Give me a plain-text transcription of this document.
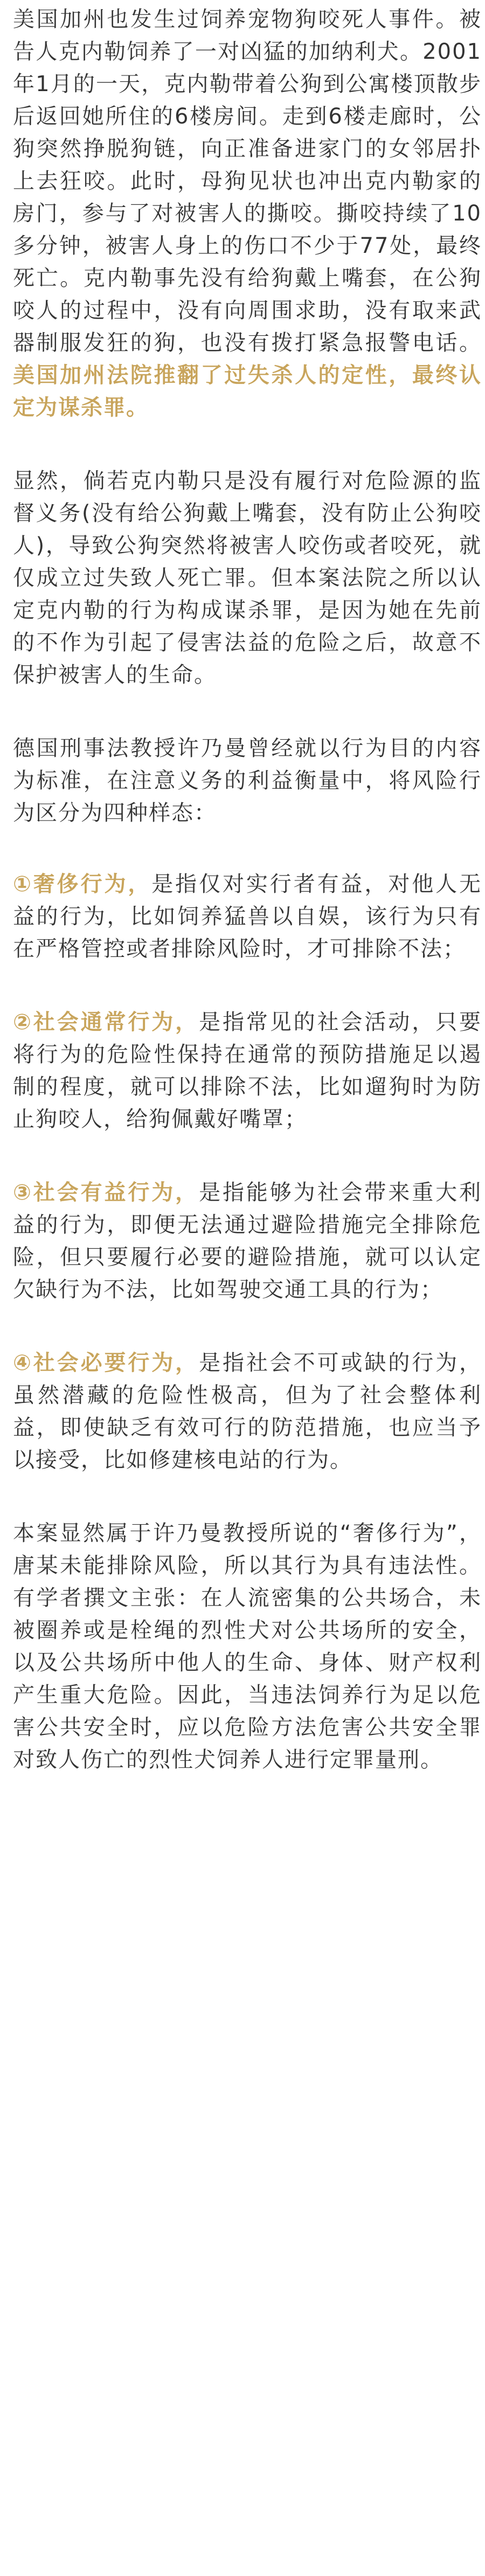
美国加州也发生过饲养宠物狗咬死人事件。被告人克内勒饲养了一对凶猛的加纳利犬。2001年1月的一天，克内勒带着公狗到公寓楼顶散步后返回她所住的6楼房间。走到6楼走廊时，公狗突然挣脱狗链，向正准备进家门的女邻居扑上去狂咬。此时，母狗见状也冲出克内勒家的房门，参与了对被害人的撕咬。撕咬持续了10多分钟，被害人身上的伤口不少于77处，最终死亡。克内勒事先没有给狗戴上嘴套，在公狗咬人的过程中，没有向周围求助，没有取来武器制服发狂的狗，也没有拨打紧急报警电话。美国加州法院推翻了过失杀人的定性，最终认定为谋杀罪。

显然，倘若克内勒只是没有履行对危险源的监督义务(没有给公狗戴上嘴套，没有防止公狗咬人)，导致公狗突然将被害人咬伤或者咬死，就仅成立过失致人死亡罪。但本案法院之所以认定克内勒的行为构成谋杀罪，是因为她在先前的不作为引起了侵害法益的危险之后，故意不保护被害人的生命。

德国刑事法教授许乃曼曾经就以行为目的内容为标准，在注意义务的利益衡量中，将风险行为区分为四种样态：

①奢侈行为，是指仅对实行者有益，对他人无益的行为，比如饲养猛兽以自娱，该行为只有在严格管控或者排除风险时，才可排除不法；

②社会通常行为，是指常见的社会活动，只要将行为的危险性保持在通常的预防措施足以遏制的程度，就可以排除不法，比如遛狗时为防止狗咬人，给狗佩戴好嘴罩；

③社会有益行为，是指能够为社会带来重大利益的行为，即便无法通过避险措施完全排除危险，但只要履行必要的避险措施，就可以认定欠缺行为不法，比如驾驶交通工具的行为；

④社会必要行为，是指社会不可或缺的行为，虽然潜藏的危险性极高，但为了社会整体利益，即使缺乏有效可行的防范措施，也应当予以接受，比如修建核电站的行为。

本案显然属于许乃曼教授所说的“奢侈行为”，唐某未能排除风险，所以其行为具有违法性。有学者撰文主张：在人流密集的公共场合，未被圈养或是栓绳的烈性犬对公共场所的安全，以及公共场所中他人的生命、身体、财产权利产生重大危险。因此，当违法饲养行为足以危害公共安全时，应以危险方法危害公共安全罪对致人伤亡的烈性犬饲养人进行定罪量刑。
